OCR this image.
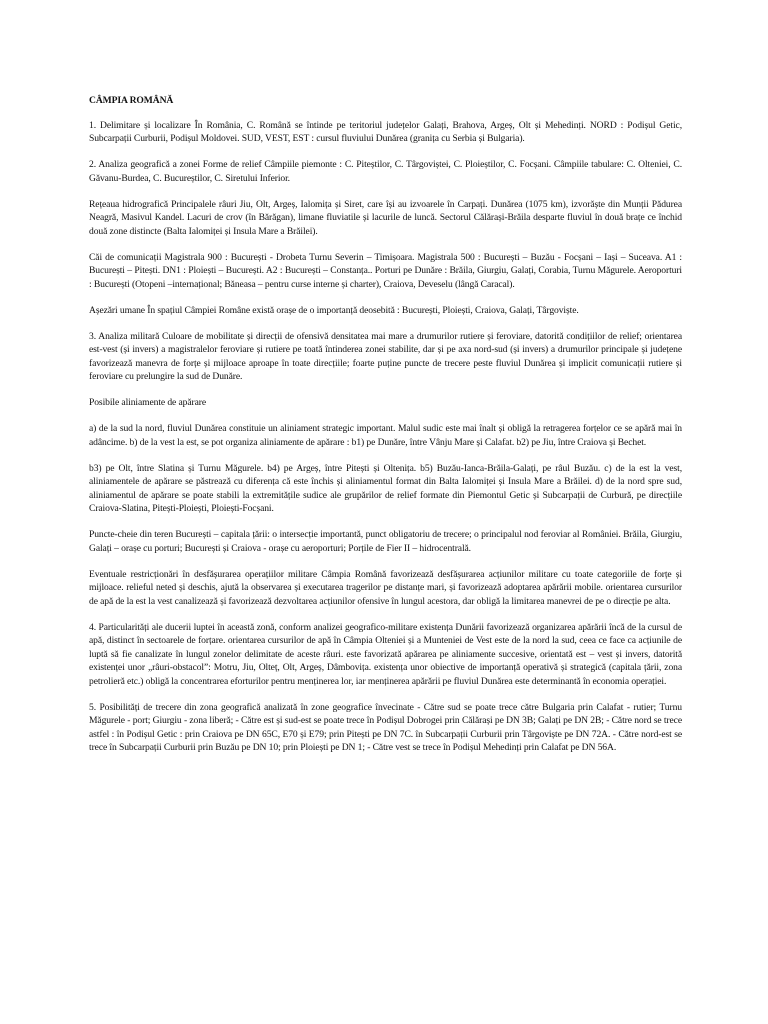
CÂMPIA ROMÂNĂ

1. Delimitare și localizare În România, C. Română se întinde pe teritoriul județelor Galați, Brahova, Argeș, Olt și Mehedinți. NORD : Podișul Getic, Subcarpații Curburii, Podișul Moldovei. SUD, VEST, EST : cursul fluviului Dunărea (granița cu Serbia și Bulgaria).

2. Analiza geografică a zonei Forme de relief Câmpiile piemonte : C. Piteștilor, C. Târgoviștei, C. Ploieștilor, C. Focșani. Câmpiile tabulare: C. Olteniei, C. Găvanu-Burdea, C. Bucureștilor, C. Siretului Inferior.

Rețeaua hidrografică Principalele râuri Jiu, Olt, Argeș, Ialomița și Siret, care își au izvoarele în Carpați. Dunărea (1075 km), izvorăște din Munții Pădurea Neagră, Masivul Kandel. Lacuri de crov (în Bărăgan), limane fluviatile și lacurile de luncă. Sectorul Călărași-Brăila desparte fluviul în două brațe ce închid două zone distincte (Balta Ialomiței și Insula Mare a Brăilei).

Căi de comunicații Magistrala 900 : București - Drobeta Turnu Severin – Timișoara. Magistrala 500 : București – Buzău - Focșani – Iași – Suceava. A1 : București – Pitești. DN1 : Ploiești – București. A2 : București – Constanța.. Porturi pe Dunăre : Brăila, Giurgiu, Galați, Corabia, Turnu Măgurele. Aeroporturi : București (Otopeni –internațional; Băneasa – pentru curse interne și charter), Craiova, Deveselu (lângă Caracal).

Așezări umane În spațiul Câmpiei Române există orașe de o importanță deosebită : București, Ploiești, Craiova, Galați, Târgoviște.

3. Analiza militară Culoare de mobilitate și direcții de ofensivă densitatea mai mare a drumurilor rutiere și feroviare, datorită condițiilor de relief; orientarea est-vest (și invers) a magistralelor feroviare și rutiere pe toată întinderea zonei stabilite, dar și pe axa nord-sud (și invers) a drumurilor principale și județene favorizează manevra de forțe și mijloace aproape în toate direcțiile; foarte puține puncte de trecere peste fluviul Dunărea și implicit comunicații rutiere și feroviare cu prelungire la sud de Dunăre.

Posibile aliniamente de apărare

a) de la sud la nord, fluviul Dunărea constituie un aliniament strategic important. Malul sudic este mai înalt și obligă la retragerea forțelor ce se apără mai în adâncime. b) de la vest la est, se pot organiza aliniamente de apărare : b1) pe Dunăre, între Vânju Mare și Calafat. b2) pe Jiu, între Craiova și Bechet.

b3) pe Olt, între Slatina și Turnu Măgurele. b4) pe Argeș, între Pitești și Oltenița. b5) Buzău-Ianca-Brăila-Galați, pe râul Buzău. c) de la est la vest, aliniamentele de apărare se păstrează cu diferența că este închis și aliniamentul format din Balta Ialomiței și Insula Mare a Brăilei. d) de la nord spre sud, aliniamentul de apărare se poate stabili la extremitățile sudice ale grupărilor de relief formate din Piemontul Getic și Subcarpații de Curbură, pe direcțiile Craiova-Slatina, Pitești-Ploiești, Ploiești-Focșani.

Puncte-cheie din teren București – capitala țării: o intersecție importantă, punct obligatoriu de trecere; o principalul nod feroviar al României. Brăila, Giurgiu, Galați – orașe cu porturi; București și Craiova - orașe cu aeroporturi; Porțile de Fier II – hidrocentrală.

Eventuale restricționări în desfășurarea operațiilor militare Câmpia Română favorizează desfășurarea acțiunilor militare cu toate categoriile de forțe și mijloace. relieful neted și deschis, ajută la observarea și executarea tragerilor pe distanțe mari, și favorizează adoptarea apărării mobile. orientarea cursurilor de apă de la est la vest canalizează și favorizează dezvoltarea acțiunilor ofensive în lungul acestora, dar obligă la limitarea manevrei de pe o direcție pe alta.

4. Particularități ale ducerii luptei în această zonă, conform analizei geografico-militare existența Dunării favorizează organizarea apărării încă de la cursul de apă, distinct în sectoarele de forțare. orientarea cursurilor de apă în Câmpia Olteniei și a Munteniei de Vest este de la nord la sud, ceea ce face ca acțiunile de luptă să fie canalizate în lungul zonelor delimitate de aceste râuri. este favorizată apărarea pe aliniamente succesive, orientată est – vest și invers, datorită existenței unor „râuri-obstacol”: Motru, Jiu, Olteț, Olt, Argeș, Dâmbovița. existența unor obiective de importanță operativă și strategică (capitala țării, zona petrolieră etc.) obligă la concentrarea eforturilor pentru menținerea lor, iar menținerea apărării pe fluviul Dunărea este determinantă în economia operației.

5. Posibilități de trecere din zona geografică analizată în zone geografice învecinate - Către sud se poate trece către Bulgaria prin Calafat - rutier; Turnu Măgurele - port; Giurgiu - zona liberă; - Către est și sud-est se poate trece în Podișul Dobrogei prin Călărași pe DN 3B; Galați pe DN 2B; - Către nord se trece astfel : în Podișul Getic : prin Craiova pe DN 65C, E70 și E79; prin Pitești pe DN 7C. în Subcarpații Curburii prin Târgoviște pe DN 72A. - Către nord-est se trece în Subcarpații Curburii prin Buzău pe DN 10; prin Ploiești pe DN 1; - Către vest se trece în Podișul Mehedinți prin Calafat pe DN 56A.
